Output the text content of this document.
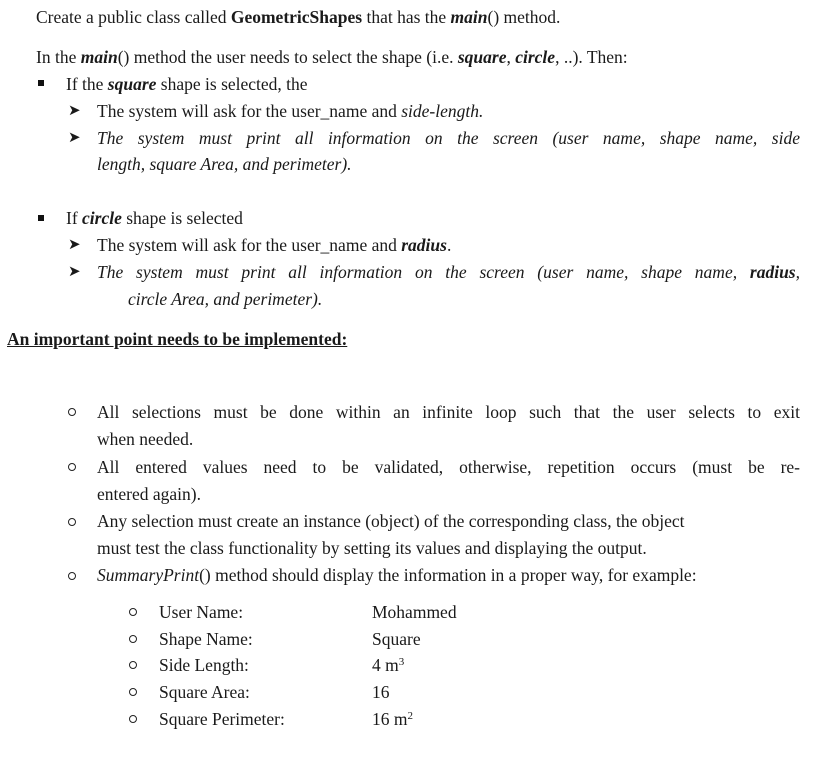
Create a public class called GeometricShapes that has the main() method.
In the main() method the user needs to select the shape (i.e. square, circle, ..). Then:
If the square shape is selected, the
➤ The system will ask for the user_name and side-length.
➤ The system must print all information on the screen (user name, shape name, side
length, square Area, and perimeter).
If circle shape is selected
➤ The system will ask for the user_name and radius.
➤ The system must print all information on the screen (user name, shape name, radius,
circle Area, and perimeter).
An important point needs to be implemented:
All selections must be done within an infinite loop such that the user selects to exit
when needed.
All entered values need to be validated, otherwise, repetition occurs (must be re-
entered again).
Any selection must create an instance (object) of the corresponding class, the object
must test the class functionality by setting its values and displaying the output.
SummaryPrint() method should display the information in a proper way, for example:
User Name:	Mohammed
Shape Name:	Square
Side Length:	4 $m^3$
Square Area:	16
Square Perimeter:	16 $m^2$
